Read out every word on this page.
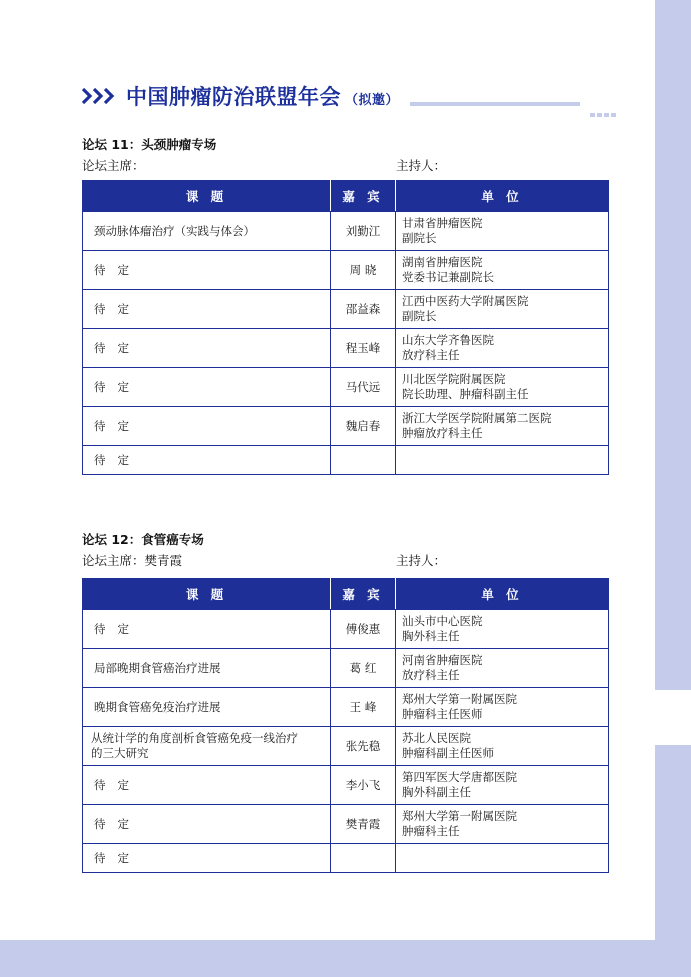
中国肿瘤防治联盟年会 （拟邀）
论坛 11：头颈肿瘤专场
论坛主席：	主持人：
课 题	嘉 宾	单 位
颈动脉体瘤治疗（实践与体会）	刘勤江	甘肃省肿瘤医院
副院长

待定	周 晓	湖南省肿瘤医院
党委书记兼副院长

待定	邵益森	江西中医药大学附属医院
副院长

待定	程玉峰	山东大学齐鲁医院
放疗科主任

待定	马代远	川北医学院附属医院
院长助理、肿瘤科副主任

待定	魏启春	浙江大学医学院附属第二医院
肿瘤放疗科主任

待定		
论坛 12：食管癌专场
论坛主席：樊青霞	主持人：
课 题	嘉 宾	单 位
待定	傅俊惠	汕头市中心医院
胸外科主任

局部晚期食管癌治疗进展	葛 红	河南省肿瘤医院
放疗科主任

晚期食管癌免疫治疗进展	王 峰	郑州大学第一附属医院
肿瘤科主任医师

从统计学的角度剖析食管癌免疫一线治疗
的三大研究	张先稳	苏北人民医院
肿瘤科副主任医师

待定	李小飞	第四军医大学唐都医院
胸外科副主任

待定	樊青霞	郑州大学第一附属医院
肿瘤科主任

待定		
